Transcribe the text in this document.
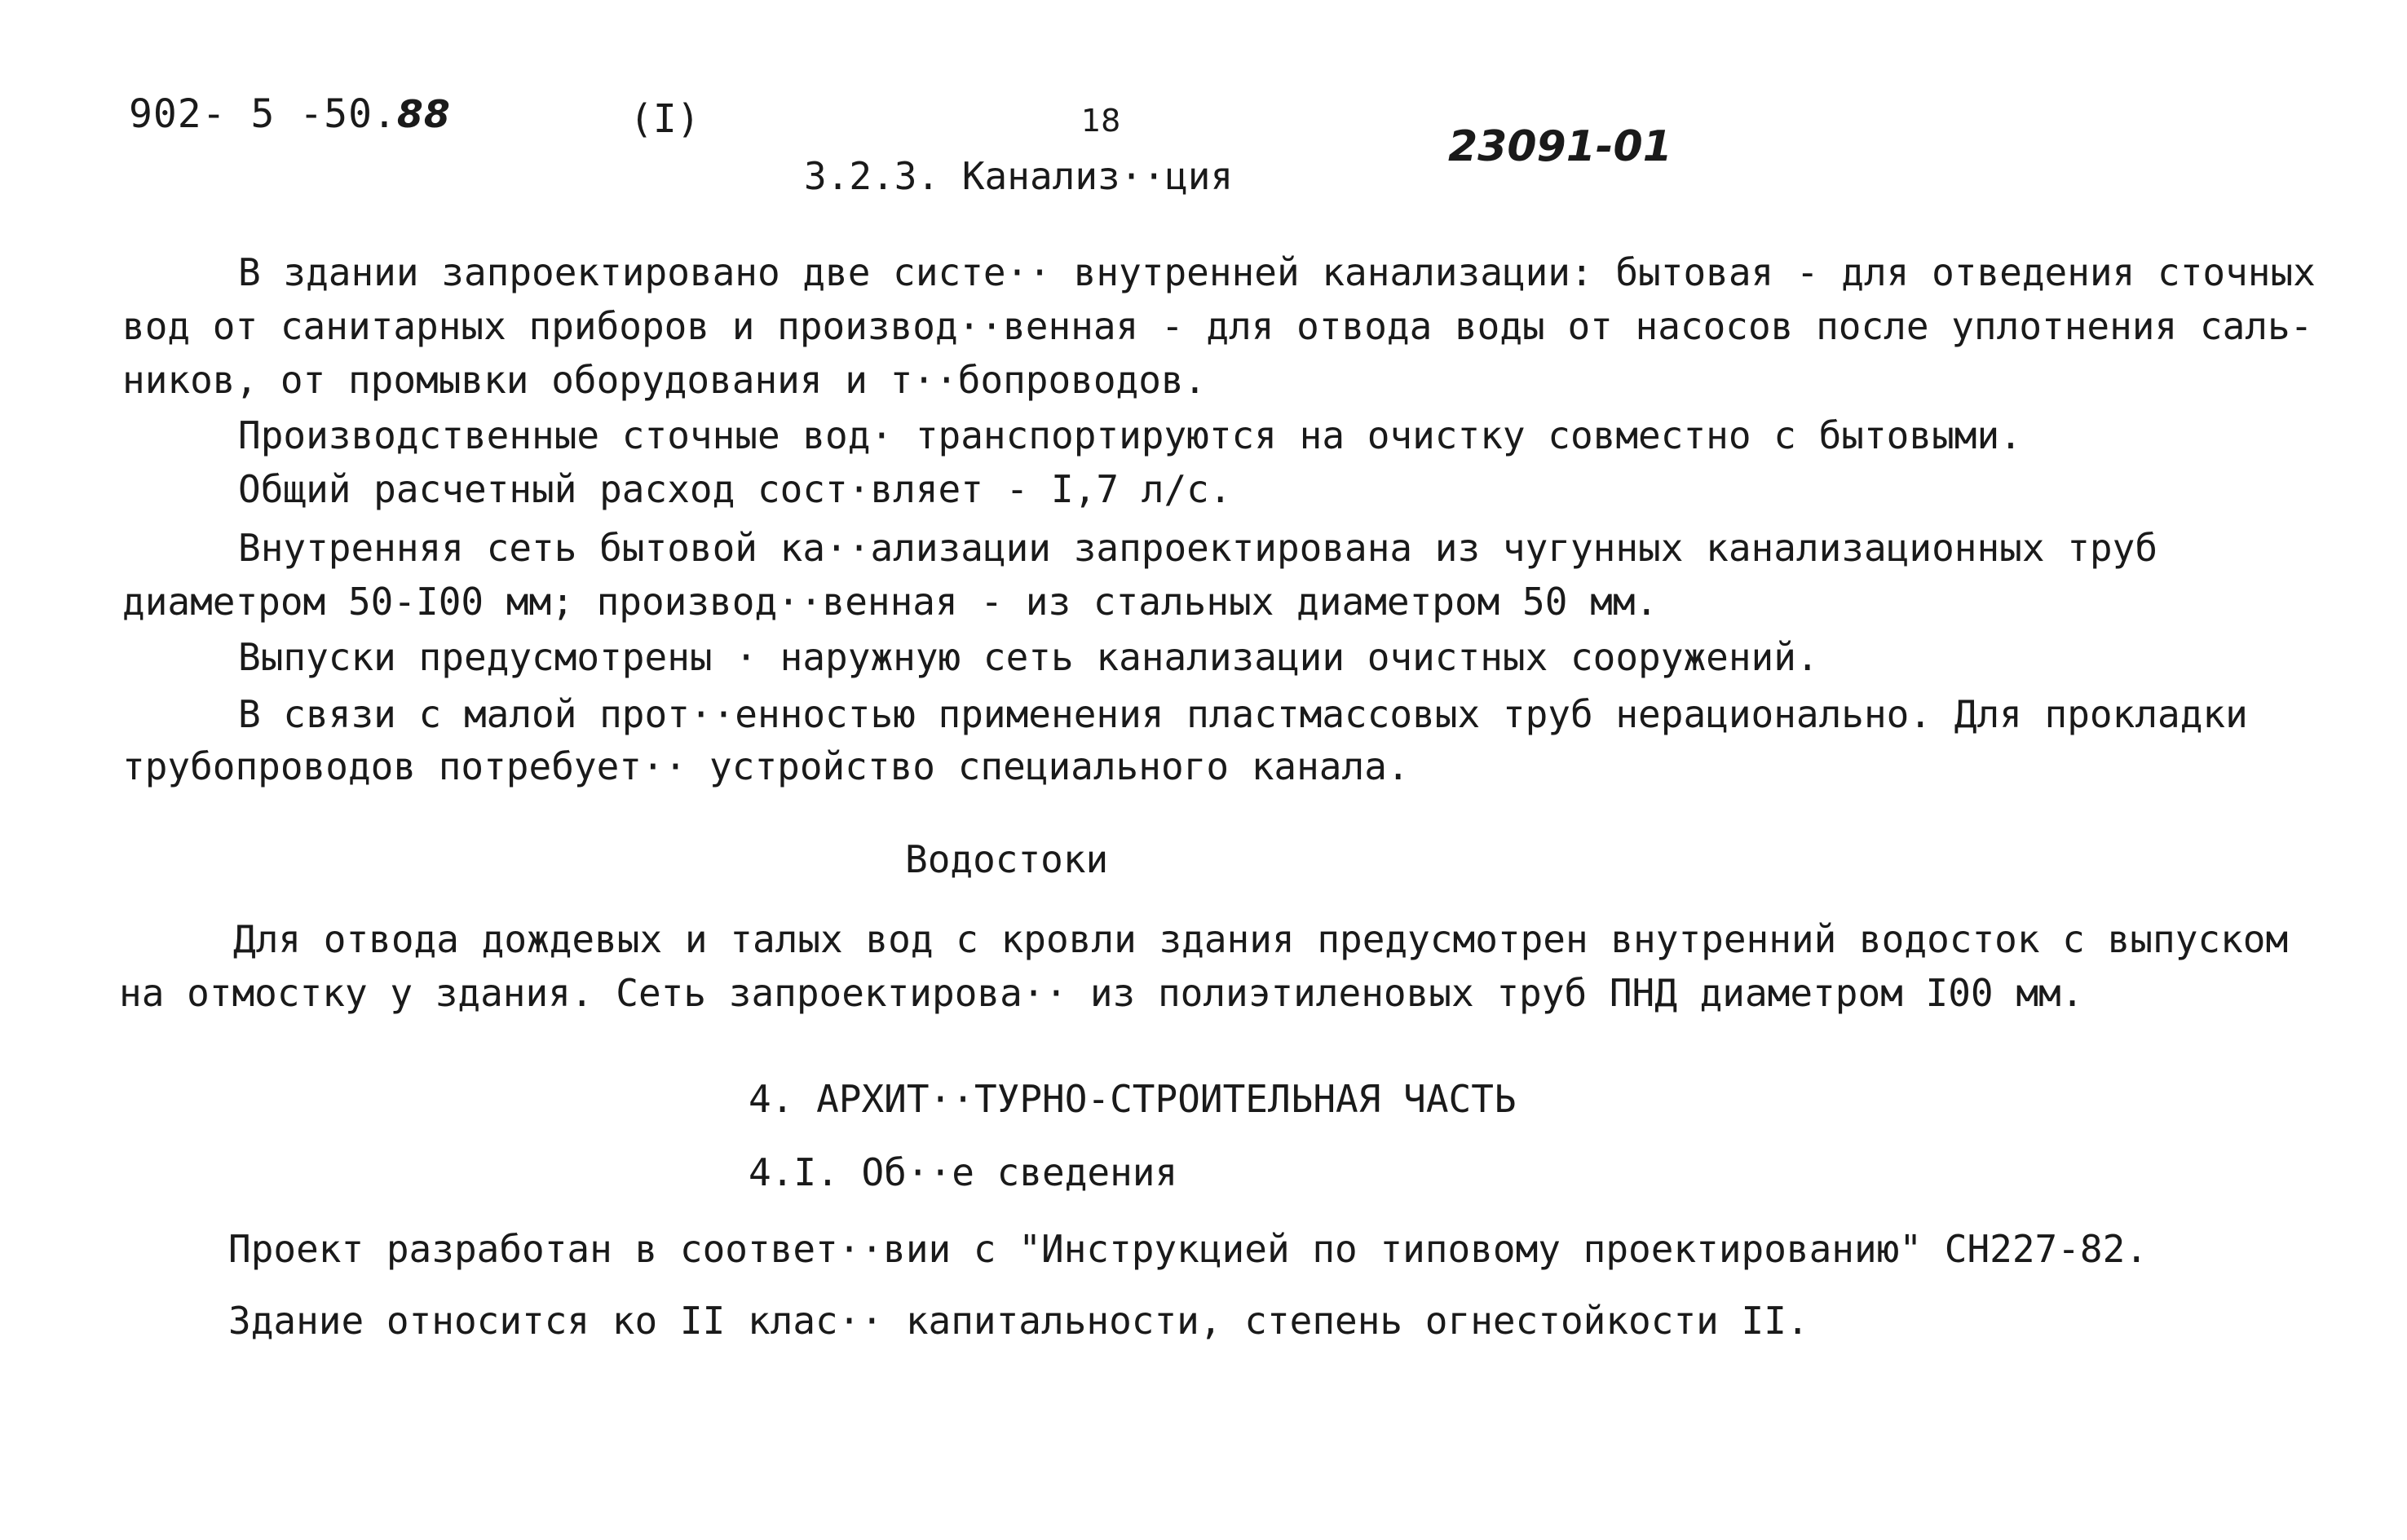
902- 5 -50.88	(I)	18
23091-01
3.2.3. Канализ··ция
В здании запроектировано две систе·· внутренней канализации: бытовая - для отведения сточных
вод от санитарных приборов и производ··венная - для отвода воды от насосов после уплотнения саль-
ников, от промывки оборудования и т··бопроводов.
Производственные сточные вод· транспортируются на очистку совместно с бытовыми.
Общий расчетный расход сост·вляет - I,7 л/с.
Внутренняя сеть бытовой ка··ализации запроектирована из чугунных канализационных труб
диаметром 50-I00 мм; производ··венная - из стальных диаметром 50 мм.
Выпуски предусмотрены · наружную сеть канализации очистных сооружений.
В связи с малой прот··енностью применения пластмассовых труб нерационально. Для прокладки
трубопроводов потребует·· устройство специального канала.
Водостоки
Для отвода дождевых и талых вод с кровли здания предусмотрен внутренний водосток с выпуском
на отмостку у здания. Сеть запроектирова·· из полиэтиленовых труб ПНД диаметром I00 мм.
4. АРХИТ··ТУРНО-СТРОИТЕЛЬНАЯ ЧАСТЬ
4.I. Об··е сведения
Проект разработан в соответ··вии с "Инструкцией по типовому проектированию" СН227-82.
Здание относится ко II клас·· капитальности, степень огнестойкости II.
